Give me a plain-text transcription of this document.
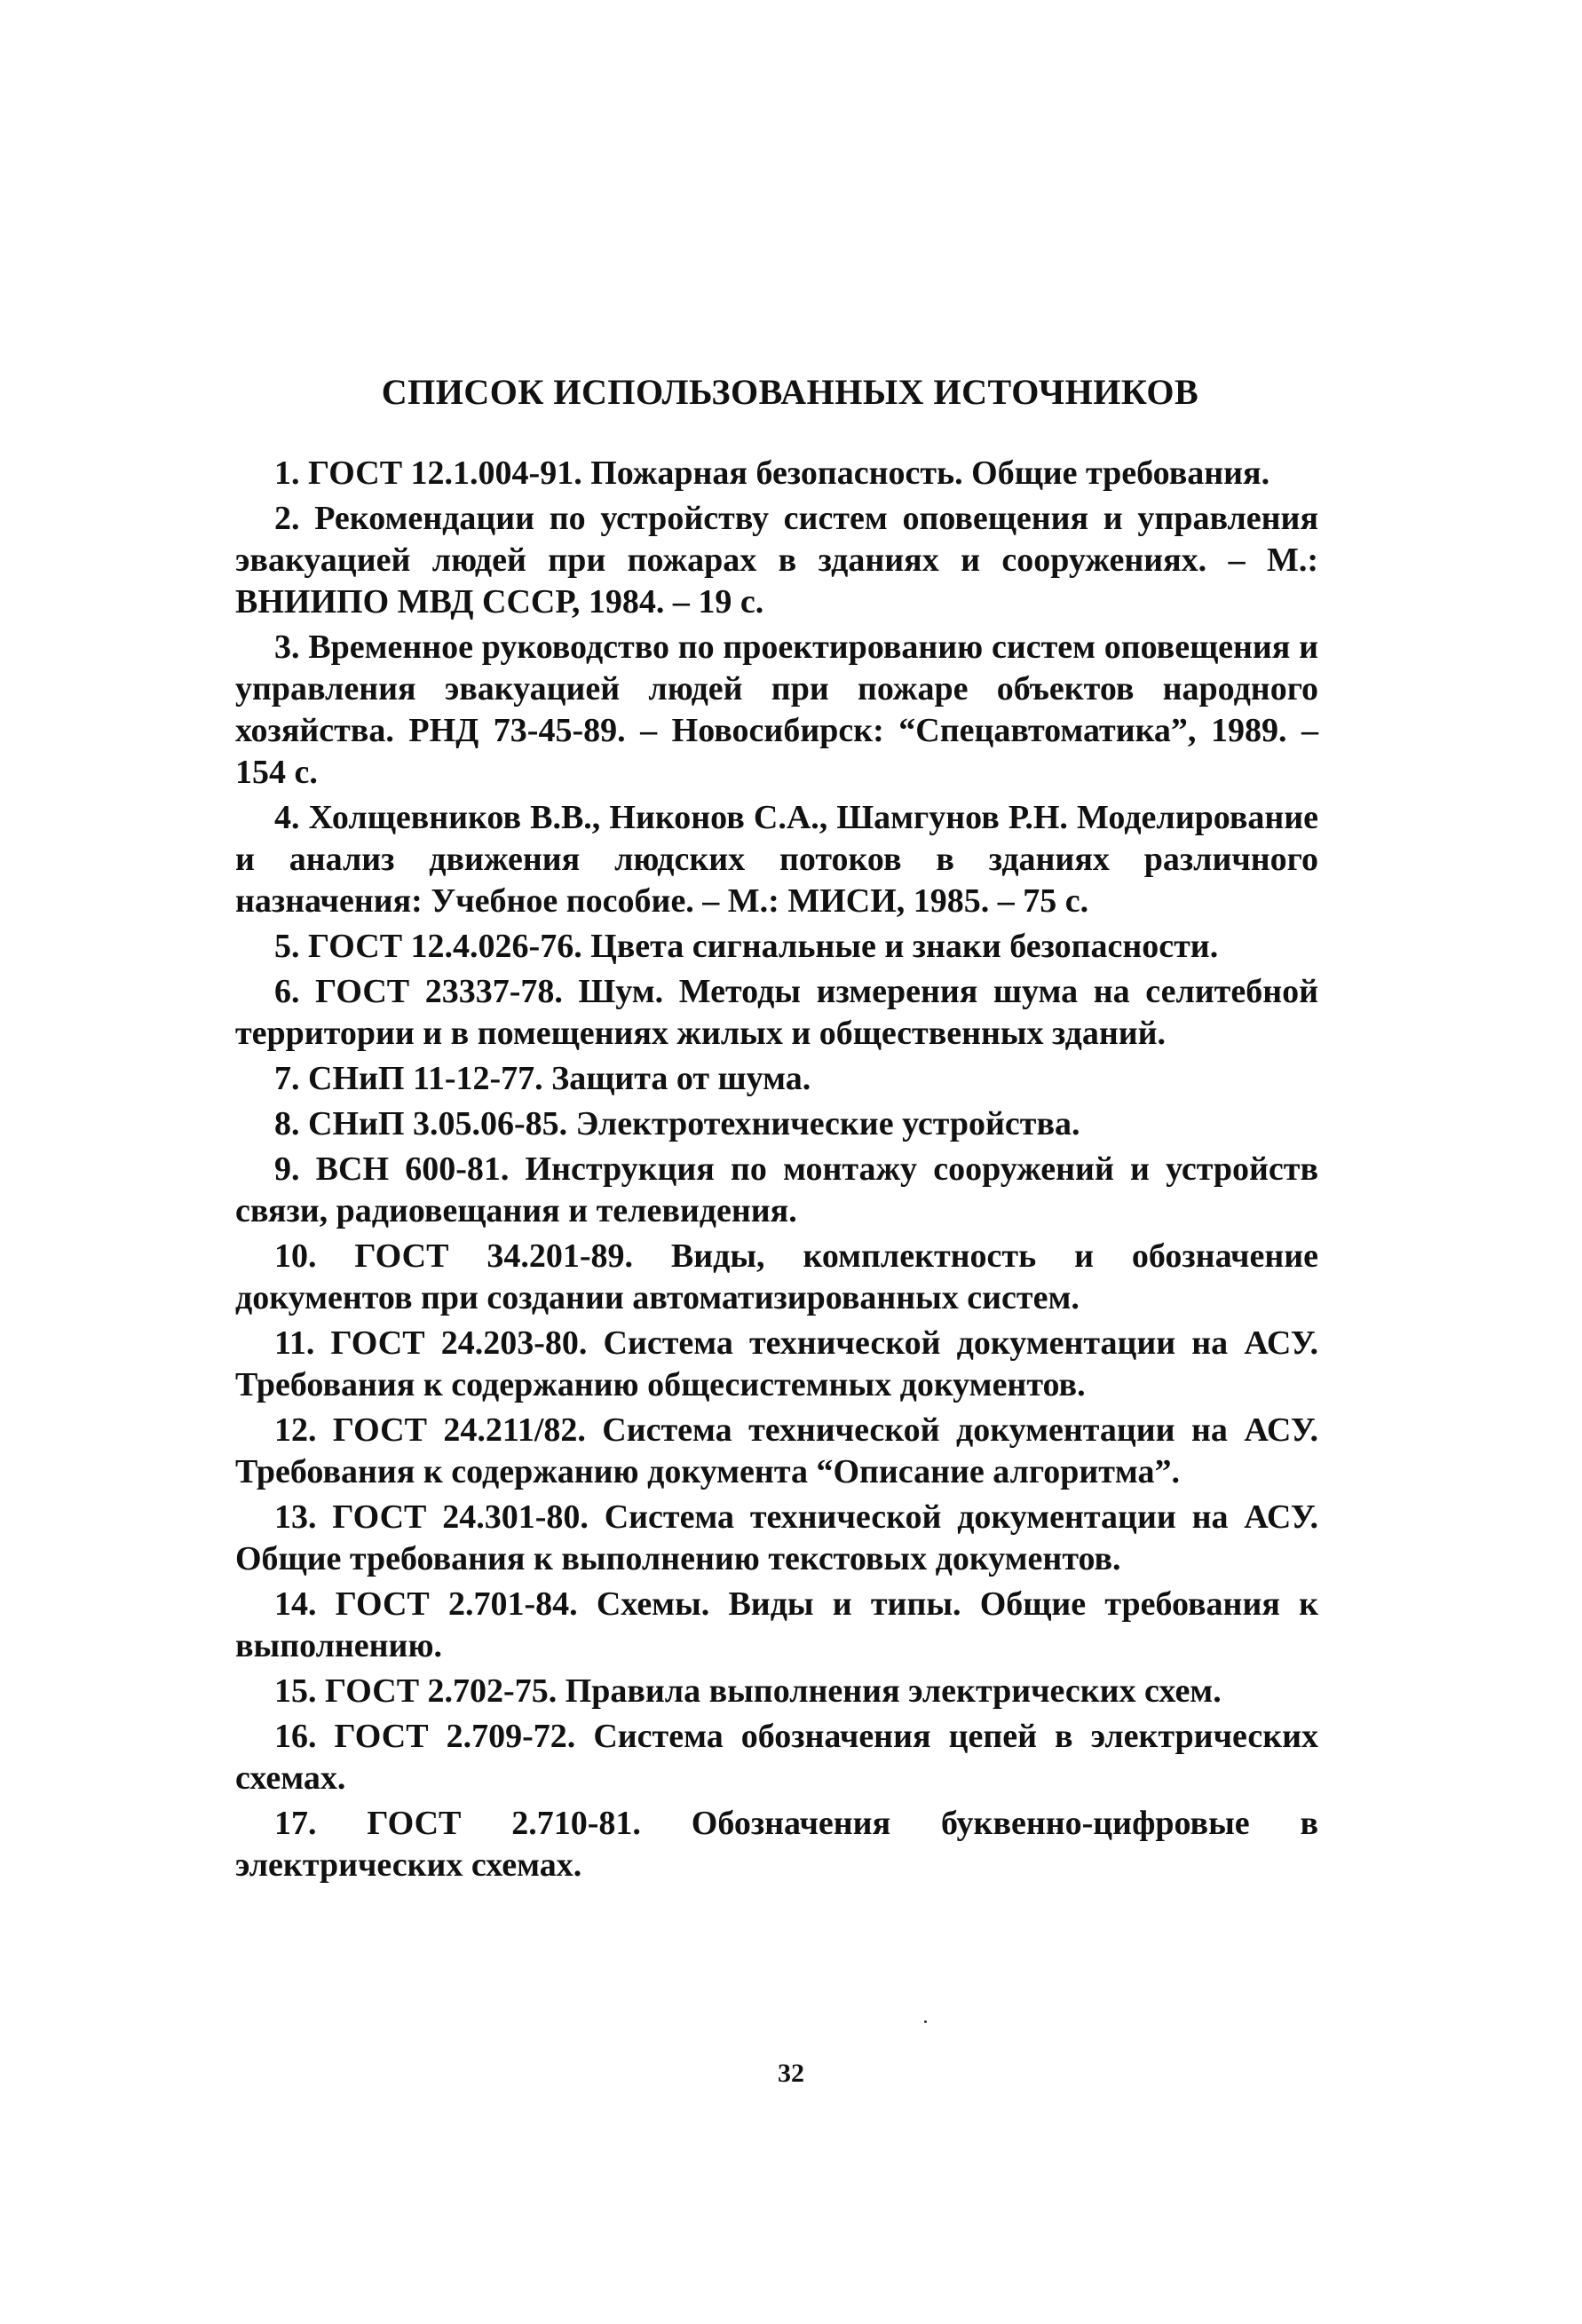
СПИСОК ИСПОЛЬЗОВАННЫХ ИСТОЧНИКОВ
1. ГОСТ 12.1.004-91. Пожарная безопасность. Общие требования.
2. Рекомендации по устройству систем оповещения и управления эвакуацией людей при пожарах в зданиях и сооружениях. – М.: ВНИИПО МВД СССР, 1984. – 19 с.
3. Временное руководство по проектированию систем оповещения и управления эвакуацией людей при пожаре объектов народного хозяйства. РНД 73-45-89. – Новосибирск: “Спецавтоматика”, 1989. – 154 с.
4. Холщевников В.В., Никонов С.А., Шамгунов Р.Н. Моделирование и анализ движения людских потоков в зданиях различного назначения: Учебное пособие. – М.: МИСИ, 1985. – 75 с.
5. ГОСТ 12.4.026-76. Цвета сигнальные и знаки безопасности.
6. ГОСТ 23337-78. Шум. Методы измерения шума на селитебной территории и в помещениях жилых и общественных зданий.
7. СНиП 11-12-77. Защита от шума.
8. СНиП 3.05.06-85. Электротехнические устройства.
9. ВСН 600-81. Инструкция по монтажу сооружений и устройств связи, радиовещания и телевидения.
10. ГОСТ 34.201-89. Виды, комплектность и обозначение документов при создании автоматизированных систем.
11. ГОСТ 24.203-80. Система технической документации на АСУ. Требования к содержанию общесистемных документов.
12. ГОСТ 24.211/82. Система технической документации на АСУ. Требования к содержанию документа “Описание алгоритма”.
13. ГОСТ 24.301-80. Система технической документации на АСУ. Общие требования к выполнению текстовых документов.
14. ГОСТ 2.701-84. Схемы. Виды и типы. Общие требования к выполнению.
15. ГОСТ 2.702-75. Правила выполнения электрических схем.
16. ГОСТ 2.709-72. Система обозначения цепей в электрических схемах.
17. ГОСТ 2.710-81. Обозначения буквенно-цифровые в электрических схемах.

32
